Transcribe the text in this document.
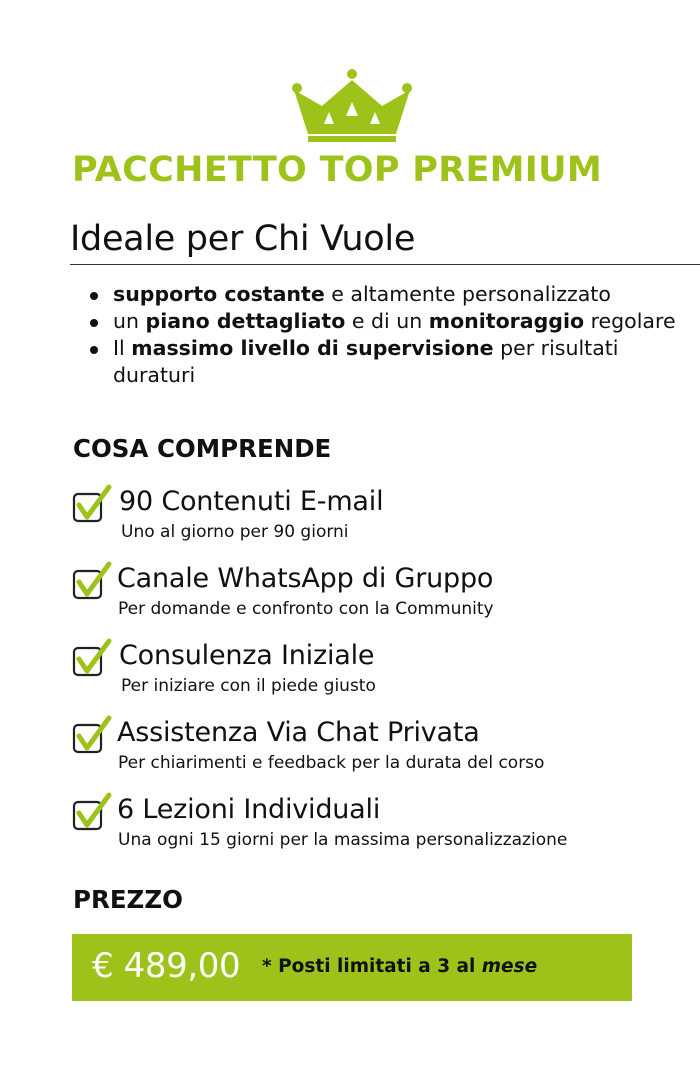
PACCHETTO TOP PREMIUM
Ideale per Chi Vuole
supporto costante e altamente personalizzato
un piano dettagliato e di un monitoraggio regolare
Il massimo livello di supervisione per risultati duraturi
COSA COMPRENDE
90 Contenuti E-mail
Uno al giorno per 90 giorni
Canale WhatsApp di Gruppo
Per domande e confronto con la Community
Consulenza Iniziale
Per iniziare con il piede giusto
Assistenza Via Chat Privata
Per chiarimenti e feedback per la durata del corso
6 Lezioni Individuali
Una ogni 15 giorni per la massima personalizzazione
PREZZO
€ 489,00 * Posti limitati a 3 al mese
